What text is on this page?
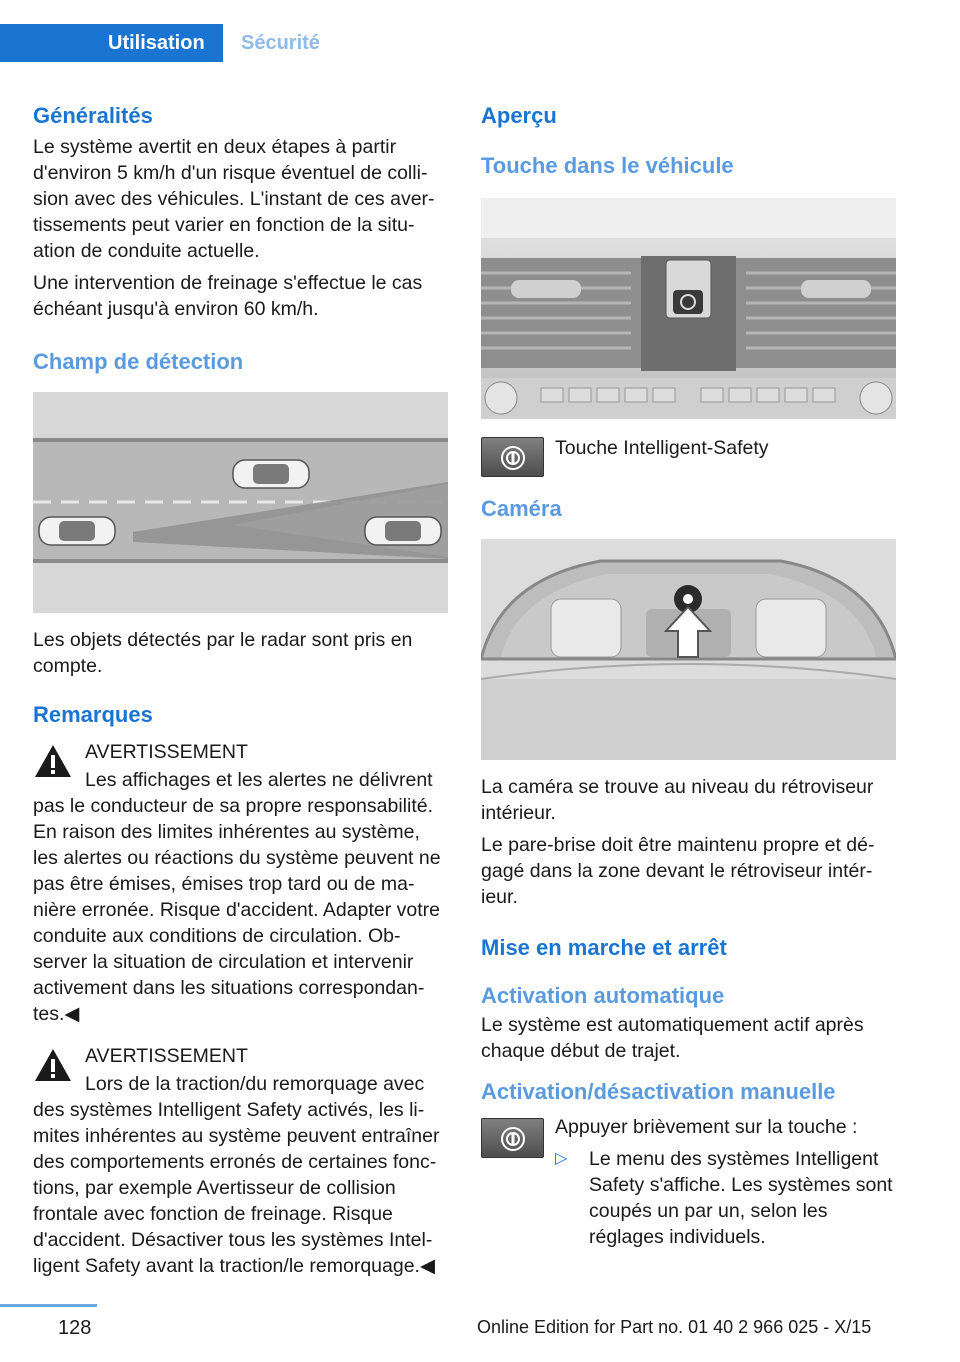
Utilisation	Sécurité
Généralités

Le système avertit en deux étapes à partir d'environ 5 km/h d'un risque éventuel de collision avec des véhicules. L'instant de ces avertissements peut varier en fonction de la situation de conduite actuelle.

Une intervention de freinage s'effectue le cas échéant jusqu'à environ 60 km/h.

Champ de détection

Les objets détectés par le radar sont pris en compte.

Remarques
AVERTISSEMENT

Les affichages et les alertes ne délivrent pas le conducteur de sa propre responsabilité. En raison des limites inhérentes au système, les alertes ou réactions du système peuvent ne pas être émises, émises trop tard ou de manière erronée. Risque d'accident. Adapter votre conduite aux conditions de circulation. Observer la situation de circulation et intervenir activement dans les situations correspondantes.◀

AVERTISSEMENT

Lors de la traction/du remorquage avec des systèmes Intelligent Safety activés, les limites inhérentes au système peuvent entraîner des comportements erronés de certaines fonctions, par exemple Avertisseur de collision frontale avec fonction de freinage. Risque d'accident. Désactiver tous les systèmes Intelligent Safety avant la traction/le remorquage.◀

Aperçu
Touche dans le véhicule
Touche Intelligent-Safety
Caméra

La caméra se trouve au niveau du rétroviseur intérieur.

Le pare-brise doit être maintenu propre et dégagé dans la zone devant le rétroviseur intérieur.

Mise en marche et arrêt
Activation automatique

Le système est automatiquement actif après chaque début de trajet.

Activation/désactivation manuelle

Appuyer brièvement sur la touche :

▷ Le menu des systèmes Intelligent Safety s'affiche. Les systèmes sont coupés un par un, selon les réglages individuels.
128	Online Edition for Part no. 01 40 2 966 025 - X/15
